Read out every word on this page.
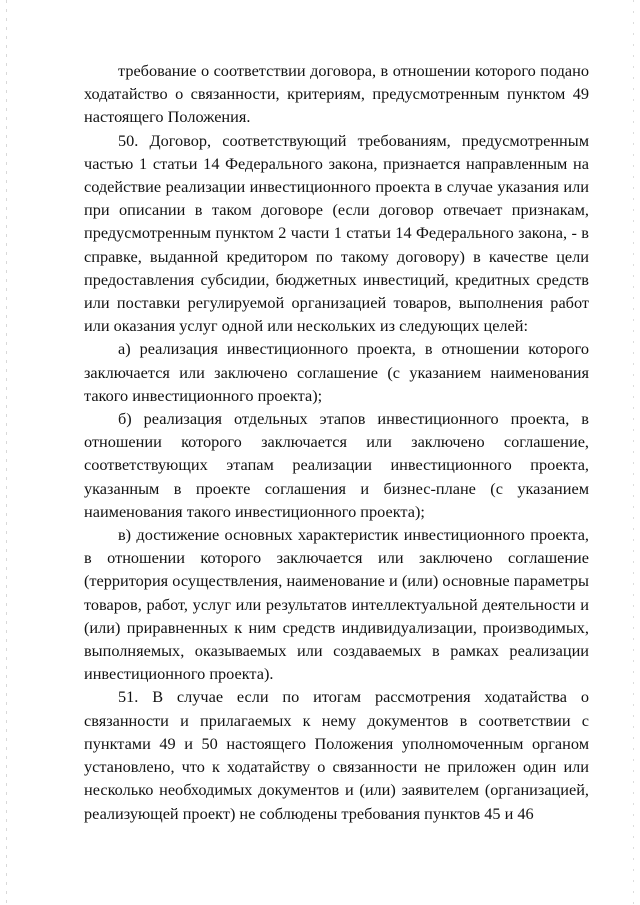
требование о соответствии договора, в отношении которого подано ходатайство о связанности, критериям, предусмотренным пунктом 49 настоящего Положения.

50. Договор, соответствующий требованиям, предусмотренным частью 1 статьи 14 Федерального закона, признается направленным на содействие реализации инвестиционного проекта в случае указания или при описании в таком договоре (если договор отвечает признакам, предусмотренным пунктом 2 части 1 статьи 14 Федерального закона, - в справке, выданной кредитором по такому договору) в качестве цели предоставления субсидии, бюджетных инвестиций, кредитных средств или поставки регулируемой организацией товаров, выполнения работ или оказания услуг одной или нескольких из следующих целей:

а) реализация инвестиционного проекта, в отношении которого заключается или заключено соглашение (с указанием наименования такого инвестиционного проекта);

б) реализация отдельных этапов инвестиционного проекта, в отношении которого заключается или заключено соглашение, соответствующих этапам реализации инвестиционного проекта, указанным в проекте соглашения и бизнес-плане (с указанием наименования такого инвестиционного проекта);

в) достижение основных характеристик инвестиционного проекта, в отношении которого заключается или заключено соглашение (территория осуществления, наименование и (или) основные параметры товаров, работ, услуг или результатов интеллектуальной деятельности и (или) приравненных к ним средств индивидуализации, производимых, выполняемых, оказываемых или создаваемых в рамках реализации инвестиционного проекта).

51. В случае если по итогам рассмотрения ходатайства о связанности и прилагаемых к нему документов в соответствии с пунктами 49 и 50 настоящего Положения уполномоченным органом установлено, что к ходатайству о связанности не приложен один или несколько необходимых документов и (или) заявителем (организацией, реализующей проект) не соблюдены требования пунктов 45 и 46
